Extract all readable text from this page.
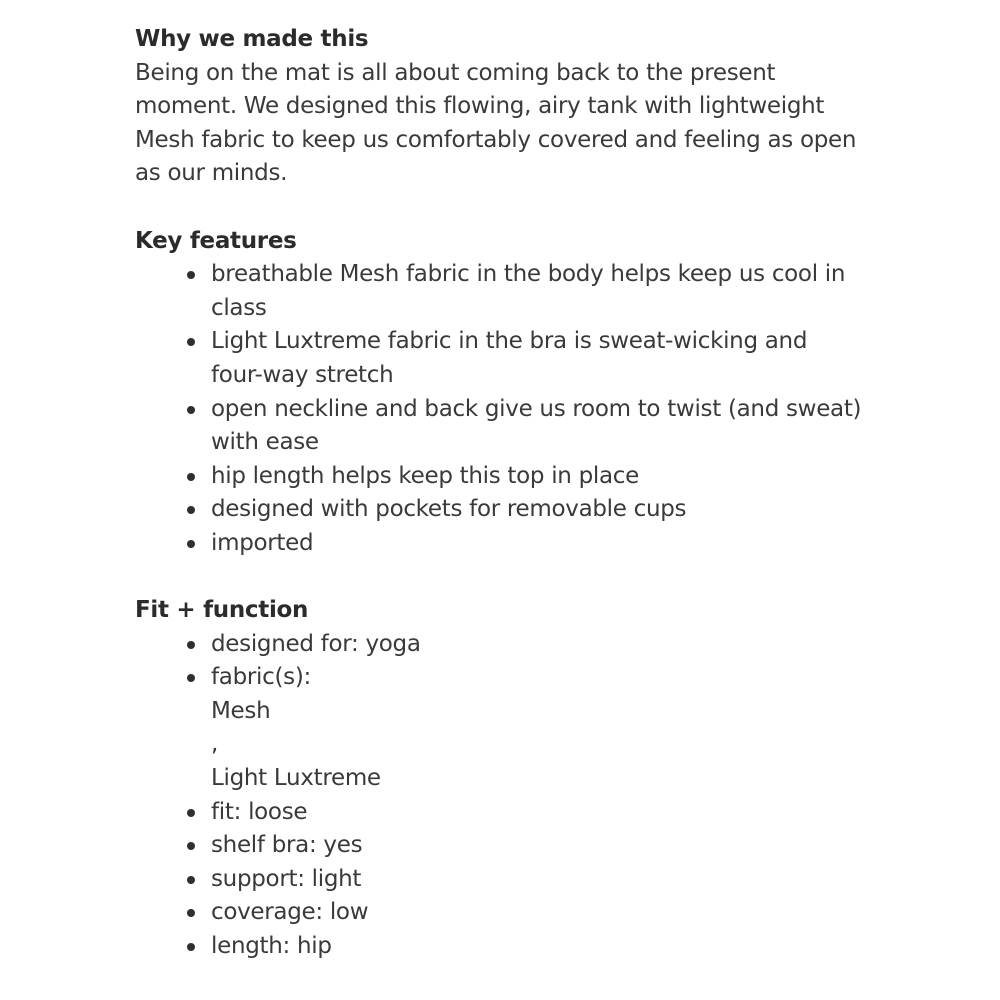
Why we made this

Being on the mat is all about coming back to the present moment. We designed this flowing, airy tank with lightweight Mesh fabric to keep us comfortably covered and feeling as open as our minds.

Key features

breathable Mesh fabric in the body helps keep us cool in class
Light Luxtreme fabric in the bra is sweat-wicking and four-way stretch
open neckline and back give us room to twist (and sweat) with ease
hip length helps keep this top in place
designed with pockets for removable cups
imported

Fit + function

designed for: yoga
fabric(s):
Mesh
,
Light Luxtreme
fit: loose
shelf bra: yes
support: light
coverage: low
length: hip
